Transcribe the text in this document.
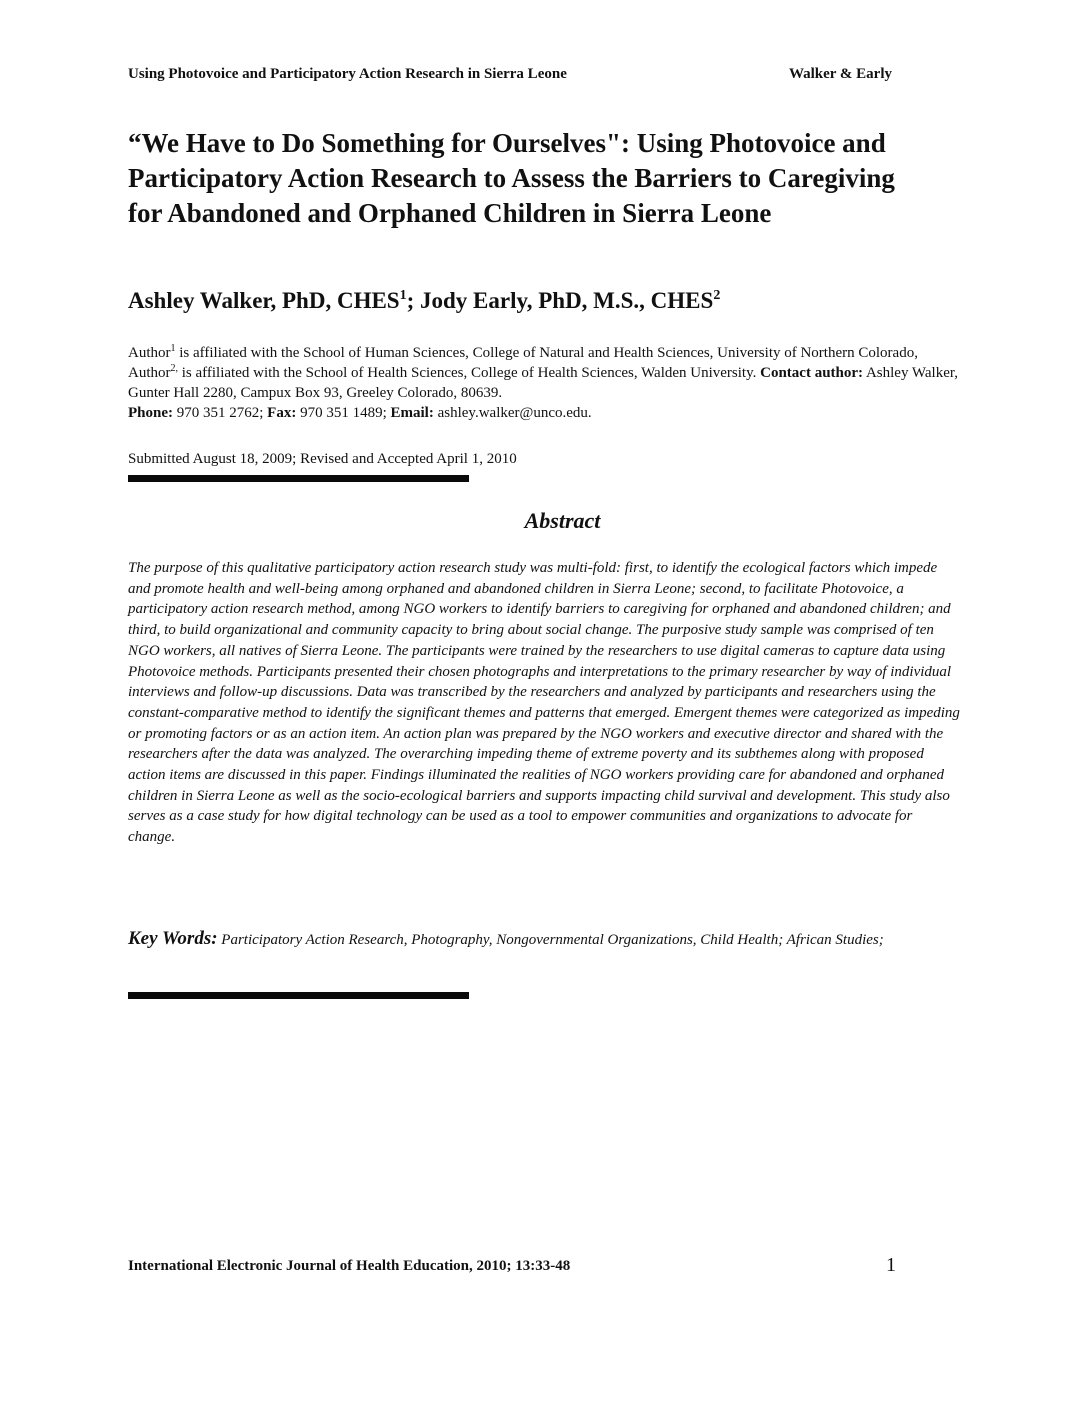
Using Photovoice and Participatory Action Research in Sierra Leone	Walker & Early
“We Have to Do Something for Ourselves": Using Photovoice and
Participatory Action Research to Assess the Barriers to Caregiving
for Abandoned and Orphaned Children in Sierra Leone
Ashley Walker, PhD, CHES$^1$; Jody Early, PhD, M.S., CHES$^2$
Author$^1$ is affiliated with the School of Human Sciences, College of Natural and Health Sciences, University of Northern Colorado, Author$^{2,}$ is affiliated with the School of Health Sciences, College of Health Sciences, Walden University. Contact author: Ashley Walker, Gunter Hall 2280, Campux Box 93, Greeley Colorado, 80639.
Phone: 970 351 2762; Fax: 970 351 1489; Email: ashley.walker@unco.edu.
Submitted August 18, 2009; Revised and Accepted April 1, 2010
Abstract

The purpose of this qualitative participatory action research study was multi-fold: first, to identify the ecological factors which impede and promote health and well-being among orphaned and abandoned children in Sierra Leone; second, to facilitate Photovoice, a participatory action research method, among NGO workers to identify barriers to caregiving for orphaned and abandoned children; and third, to build organizational and community capacity to bring about social change. The purposive study sample was comprised of ten NGO workers, all natives of Sierra Leone. The participants were trained by the researchers to use digital cameras to capture data using Photovoice methods. Participants presented their chosen photographs and interpretations to the primary researcher by way of individual interviews and follow-up discussions. Data was transcribed by the researchers and analyzed by participants and researchers using the constant-comparative method to identify the significant themes and patterns that emerged. Emergent themes were categorized as impeding or promoting factors or as an action item. An action plan was prepared by the NGO workers and executive director and shared with the researchers after the data was analyzed. The overarching impeding theme of extreme poverty and its subthemes along with proposed action items are discussed in this paper. Findings illuminated the realities of NGO workers providing care for abandoned and orphaned children in Sierra Leone as well as the socio-ecological barriers and supports impacting child survival and development. This study also serves as a case study for how digital technology can be used as a tool to empower communities and organizations to advocate for change.

Key Words: Participatory Action Research, Photography, Nongovernmental Organizations, Child Health; African Studies;
International Electronic Journal of Health Education, 2010; 13:33-48	1
